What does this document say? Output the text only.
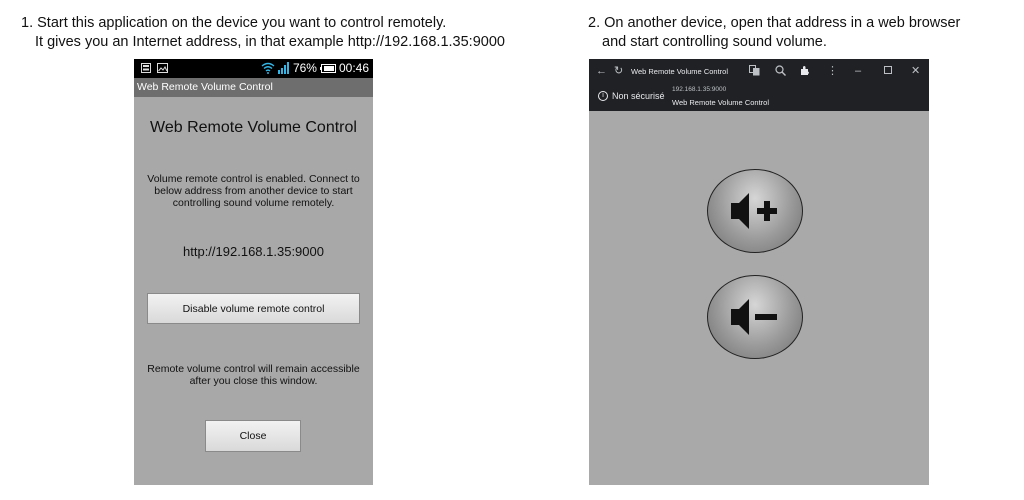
1. Start this application on the device you want to control remotely.
It gives you an Internet address, in that example http://192.168.1.35:9000
2. On another device, open that address in a web browser
and start controlling sound volume.
76% 00:46
Web Remote Volume Control
Web Remote Volume Control
Volume remote control is enabled. Connect to below address from another device to start controlling sound volume remotely.
http://192.168.1.35:9000
Disable volume remote control
Remote volume control will remain accessible after you close this window.
Close
← ↻ Web Remote Volume Control	⋮ –	✕
i Non sécurisé
192.168.1.35:9000
Web Remote Volume Control
